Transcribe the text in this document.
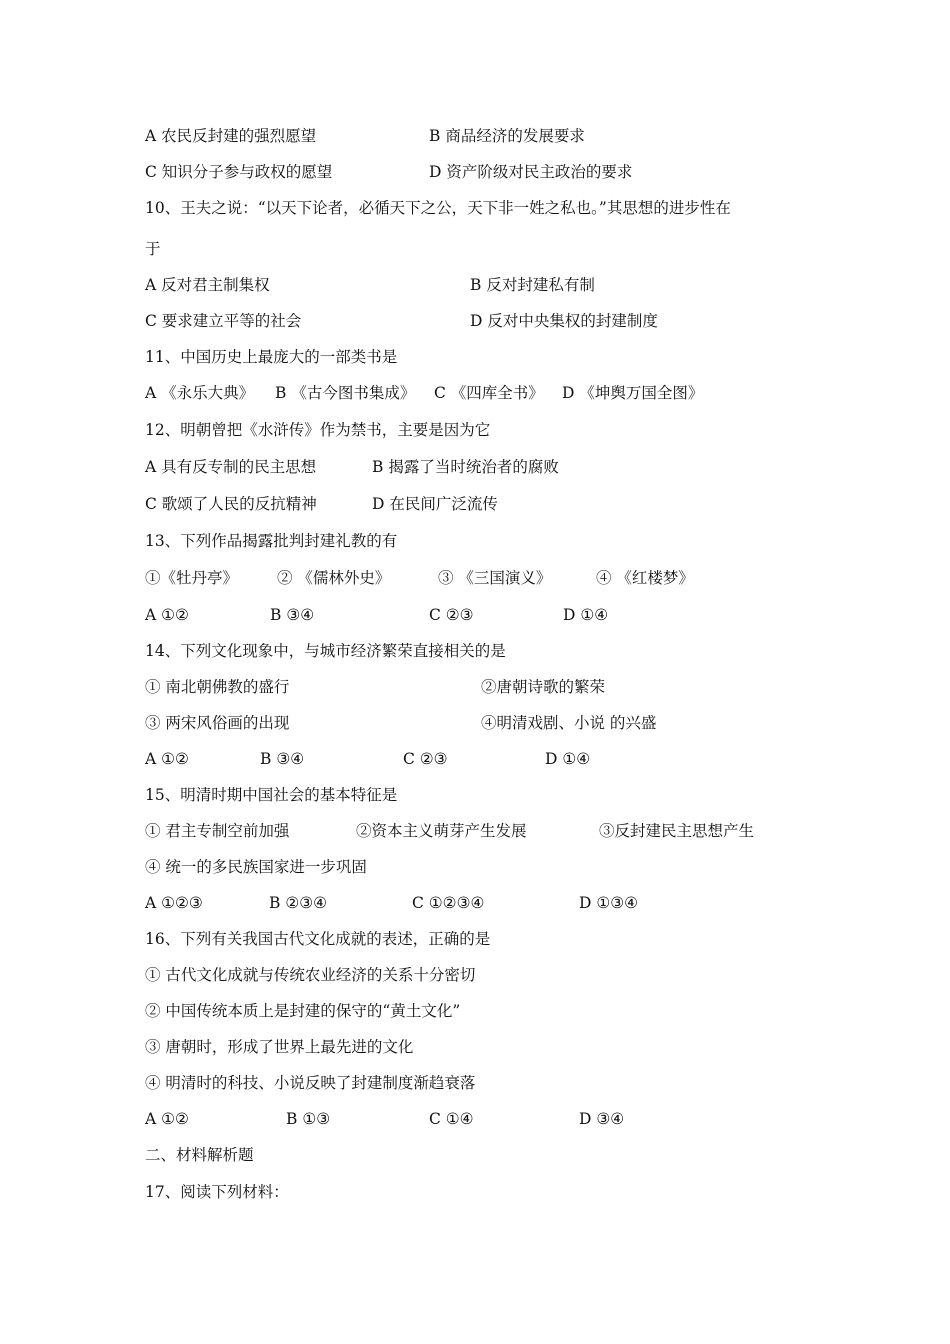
A 农民反封建的强烈愿望	B 商品经济的发展要求
C 知识分子参与政权的愿望	D 资产阶级对民主政治的要求
10、王夫之说：“以天下论者，必循天下之公，天下非一姓之私也。”其思想的进步性在
于
A 反对君主制集权	B 反对封建私有制
C 要求建立平等的社会	D 反对中央集权的封建制度
11、中国历史上最庞大的一部类书是
A 《永乐大典》 B 《古今图书集成》 C 《四库全书》 D 《坤舆万国全图》
12、明朝曾把《水浒传》作为禁书，主要是因为它
A 具有反专制的民主思想	B 揭露了当时统治者的腐败
C 歌颂了人民的反抗精神	D 在民间广泛流传
13、下列作品揭露批判封建礼教的有
①《牡丹亭》	② 《儒林外史》	③ 《三国演义》	④ 《红楼梦》
A ①②	B ③④	C ②③	D ①④
14、下列文化现象中，与城市经济繁荣直接相关的是
① 南北朝佛教的盛行	②唐朝诗歌的繁荣
③ 两宋风俗画的出现	④明清戏剧、小说 的兴盛
A ①②	B ③④	C ②③	D ①④
15、明清时期中国社会的基本特征是
① 君主专制空前加强	②资本主义萌芽产生发展	③反封建民主思想产生
④ 统一的多民族国家进一步巩固
A ①②③	B ②③④	C ①②③④	D ①③④
16、下列有关我国古代文化成就的表述，正确的是
① 古代文化成就与传统农业经济的关系十分密切
② 中国传统本质上是封建的保守的“黄土文化”
③ 唐朝时，形成了世界上最先进的文化
④ 明清时的科技、小说反映了封建制度渐趋衰落
A ①②	B ①③	C ①④	D ③④
二、材料解析题
17、阅读下列材料：
